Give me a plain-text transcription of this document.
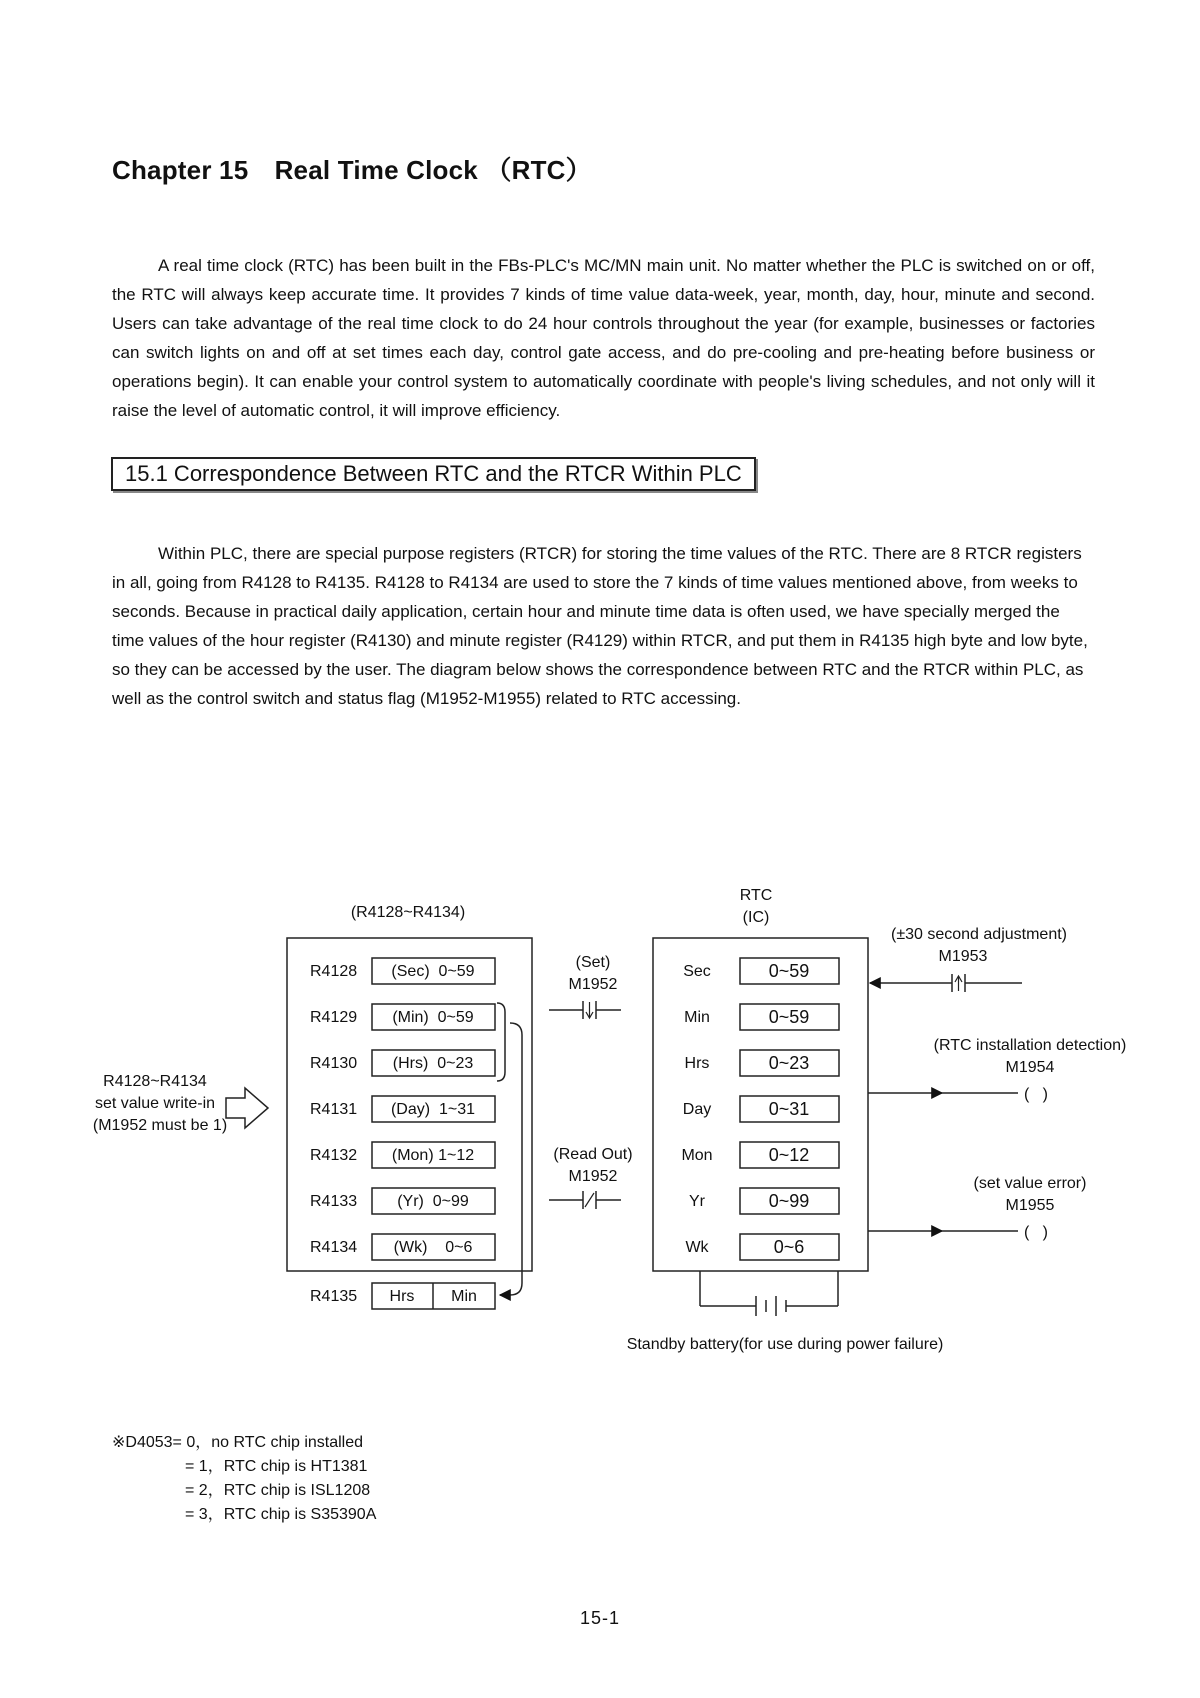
Chapter 15　Real Time Clock （RTC）

A real time clock (RTC) has been built in the FBs-PLC's MC/MN main unit. No matter whether the PLC is switched on or off, the RTC will always keep accurate time. It provides 7 kinds of time value data-week, year, month, day, hour, minute and second. Users can take advantage of the real time clock to do 24 hour controls throughout the year (for example, businesses or factories can switch lights on and off at set times each day, control gate access, and do pre-cooling and pre-heating before business or operations begin). It can enable your control system to automatically coordinate with people's living schedules, and not only will it raise the level of automatic control, it will improve efficiency.

15.1 Correspondence Between RTC and the RTCR Within PLC

Within PLC, there are special purpose registers (RTCR) for storing the time values of the RTC. There are 8 RTCR registers in all, going from R4128 to R4135. R4128 to R4134 are used to store the 7 kinds of time values mentioned above, from weeks to seconds. Because in practical daily application, certain hour and minute time data is often used, we have specially merged the time values of the hour register (R4130) and minute register (R4129) within RTCR, and put them in R4135 high byte and low byte, so they can be accessed by the user. The diagram below shows the correspondence between RTC and the RTCR within PLC, as well as the control switch and status flag (M1952-M1955) related to RTC accessing.

(R4128~R4134)
R4128 (Sec)  0~59
R4129 (Min)  0~59
R4130 (Hrs)  0~23
R4131 (Day)  1~31
R4132 (Mon) 1~12
R4133	(Yr)  0~99
R4134 (Wk)    0~6
R4135 Hrs Min
R4128~R4134
set value write-in
(M1952 must be 1)
(Set)
M1952
(Read Out)
M1952
RTC
(IC)
Sec	0~59
Min	0~59
Hrs	0~23
Day	0~31
Mon	0~12
Yr	0~99
Wk	0~6
(±30 second adjustment)
M1953
(RTC installation detection)
M1954
(   )
(set value error)
M1955
(   )
Standby battery(for use during power failure)
※D4053= 0，no RTC chip installed
= 1，RTC chip is HT1381
= 2，RTC chip is ISL1208
= 3，RTC chip is S35390A
15-1
